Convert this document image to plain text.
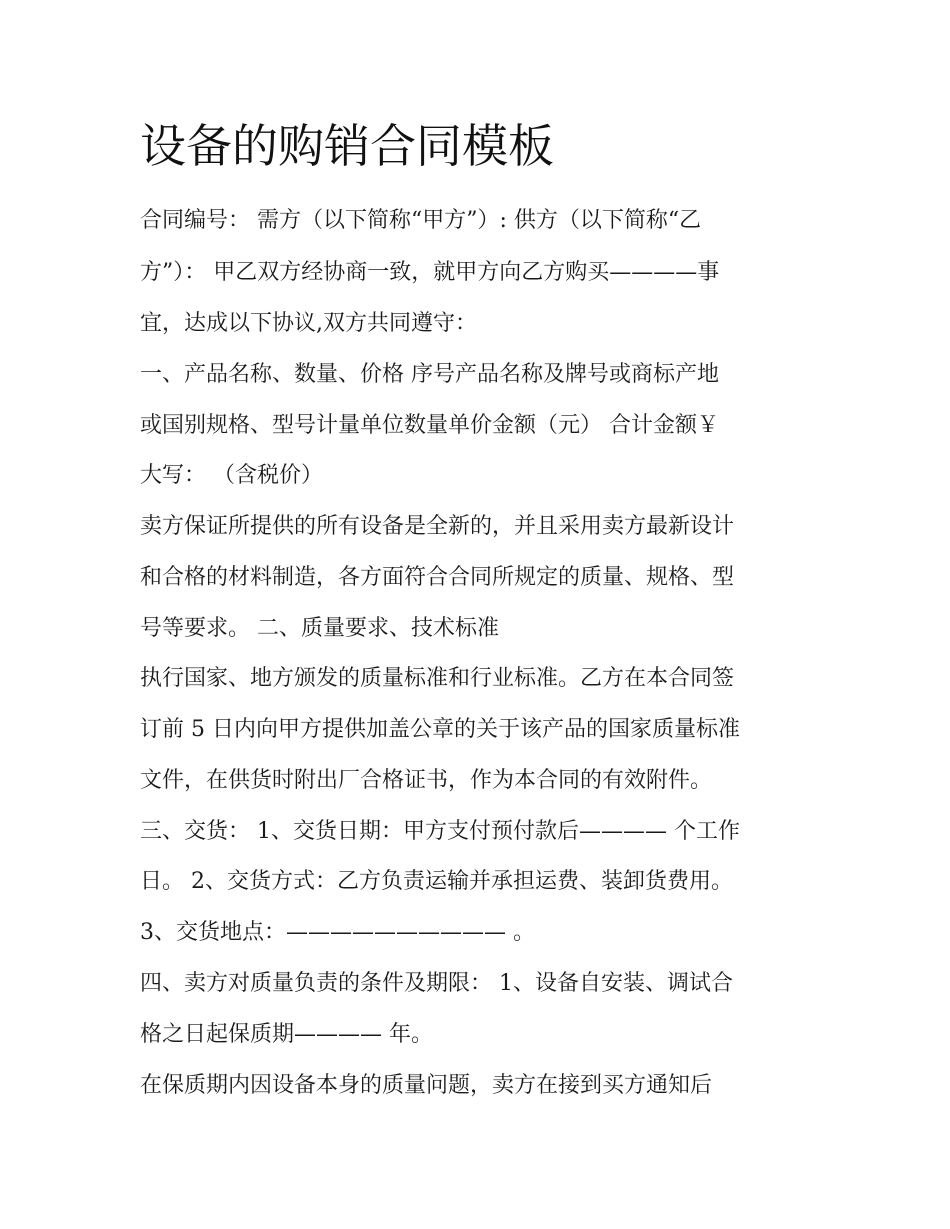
设备的购销合同模板

合同编号： 需方（以下简称“甲方”）: 供方（以下简称“乙

方”）： 甲乙双方经协商一致，就甲方向乙方购买————事

宜，达成以下协议,双方共同遵守：

一、产品名称、数量、价格 序号产品名称及牌号或商标产地

或国别规格、型号计量单位数量单价金额（元） 合计金额￥

大写： （含税价）

卖方保证所提供的所有设备是全新的，并且采用卖方最新设计

和合格的材料制造，各方面符合合同所规定的质量、规格、型

号等要求。 二、质量要求、技术标准

执行国家、地方颁发的质量标准和行业标准。乙方在本合同签

订前 5 日内向甲方提供加盖公章的关于该产品的国家质量标准

文件，在供货时附出厂合格证书，作为本合同的有效附件。

三、交货： 1、交货日期：甲方支付预付款后———— 个工作

日。 2、交货方式：乙方负责运输并承担运费、装卸货费用。

3、交货地点：—————————— 。

四、卖方对质量负责的条件及期限： 1、设备自安装、调试合

格之日起保质期———— 年。

在保质期内因设备本身的质量问题，卖方在接到买方通知后
